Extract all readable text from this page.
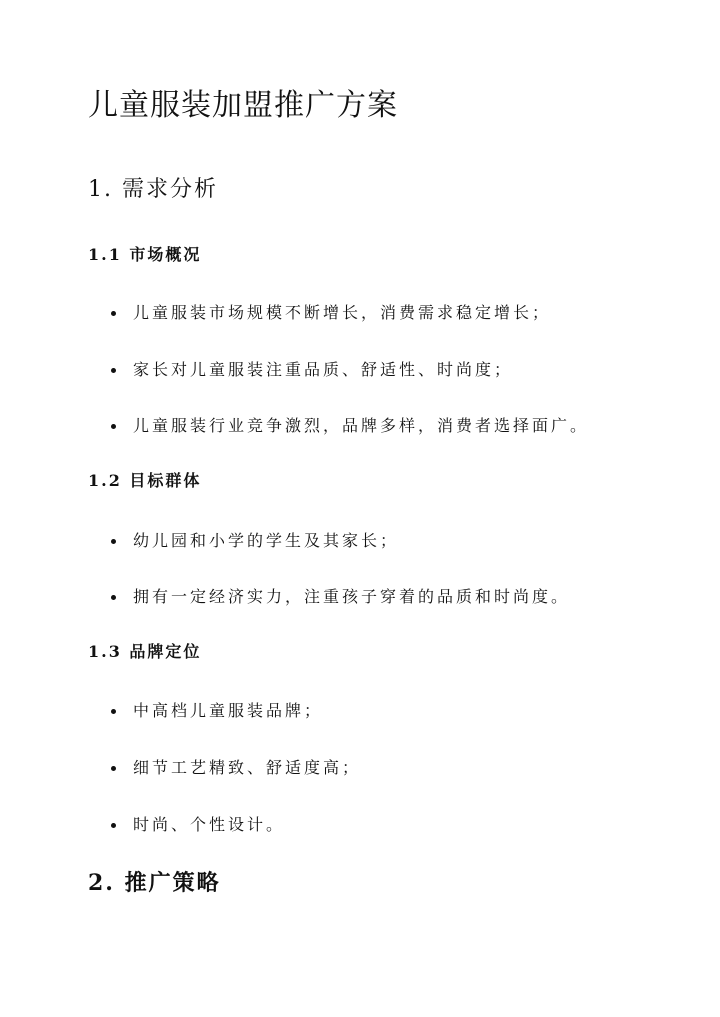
儿童服装加盟推广方案
1. 需求分析
1.1 市场概况
儿童服装市场规模不断增长，消费需求稳定增长；
家长对儿童服装注重品质、舒适性、时尚度；
儿童服装行业竞争激烈，品牌多样，消费者选择面广。
1.2 目标群体
幼儿园和小学的学生及其家长；
拥有一定经济实力，注重孩子穿着的品质和时尚度。
1.3 品牌定位
中高档儿童服装品牌；
细节工艺精致、舒适度高；
时尚、个性设计。
2. 推广策略
